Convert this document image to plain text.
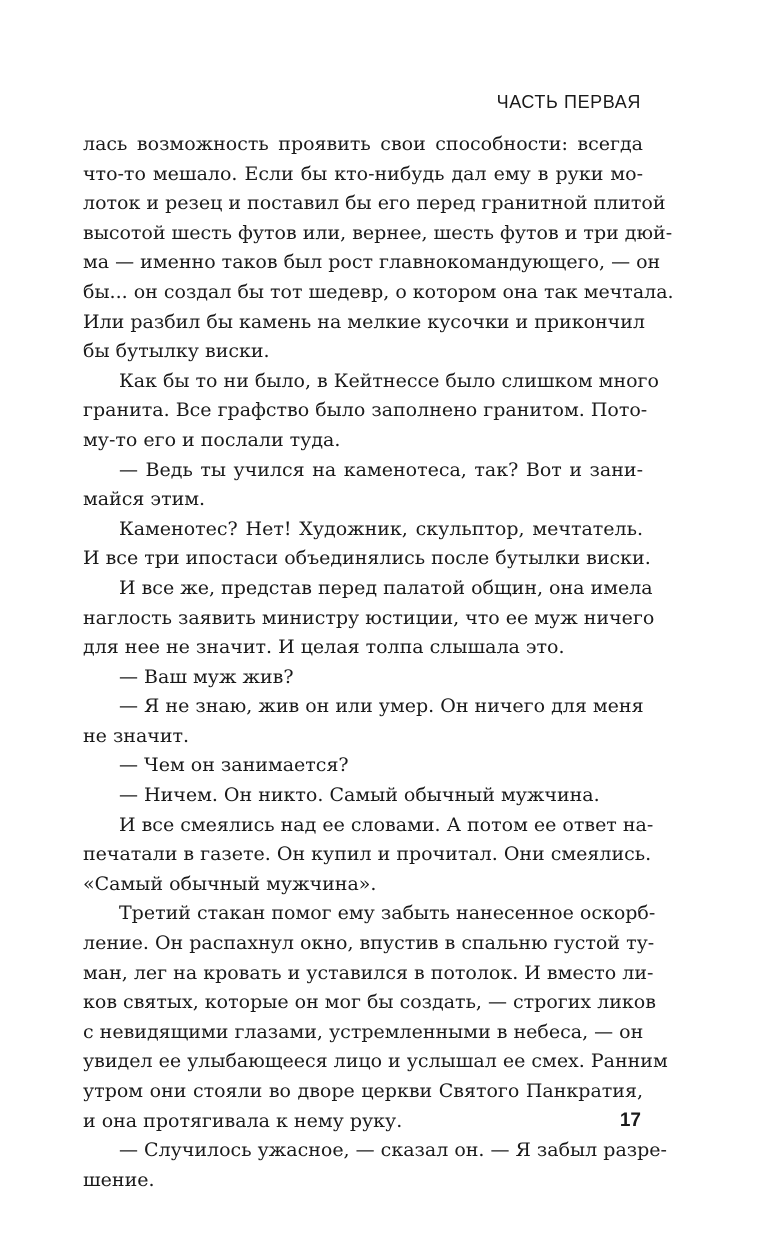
ЧАСТЬ ПЕРВАЯ
лась возможность проявить свои способности: всегда
что-то мешало. Если бы кто-нибудь дал ему в руки мо-
лоток и резец и поставил бы его перед гранитной плитой
высотой шесть футов или, вернее, шесть футов и три дюй-
ма — именно таков был рост главнокомандующего, — он
бы... он создал бы тот шедевр, о котором она так мечтала.
Или разбил бы камень на мелкие кусочки и прикончил
бы бутылку виски.
Как бы то ни было, в Кейтнессе было слишком много
гранита. Все графство было заполнено гранитом. Пото-
му-то его и послали туда.
— Ведь ты учился на каменотеса, так? Вот и зани-
майся этим.
Каменотес? Нет! Художник, скульптор, мечтатель.
И все три ипостаси объединялись после бутылки виски.
И все же, представ перед палатой общин, она имела
наглость заявить министру юстиции, что ее муж ничего
для нее не значит. И целая толпа слышала это.
— Ваш муж жив?
— Я не знаю, жив он или умер. Он ничего для меня
не значит.
— Чем он занимается?
— Ничем. Он никто. Самый обычный мужчина.
И все смеялись над ее словами. А потом ее ответ на-
печатали в газете. Он купил и прочитал. Они смеялись.
«Самый обычный мужчина».
Третий стакан помог ему забыть нанесенное оскорб-
ление. Он распахнул окно, впустив в спальню густой ту-
ман, лег на кровать и уставился в потолок. И вместо ли-
ков святых, которые он мог бы создать, — строгих ликов
с невидящими глазами, устремленными в небеса, — он
увидел ее улыбающееся лицо и услышал ее смех. Ранним
утром они стояли во дворе церкви Святого Панкратия,
и она протягивала к нему руку.
— Случилось ужасное, — сказал он. — Я забыл разре-
шение.
17
